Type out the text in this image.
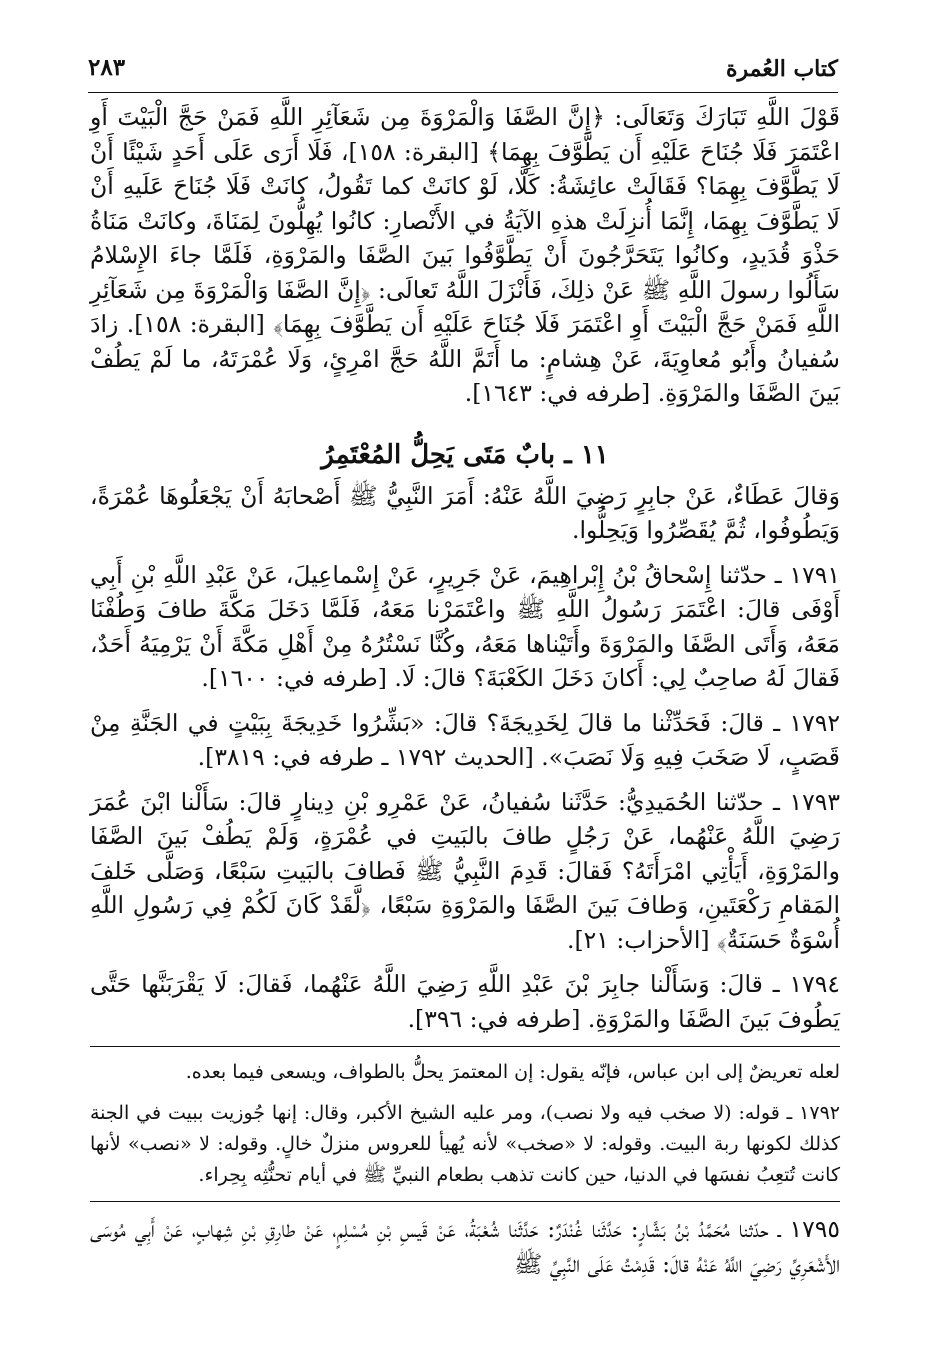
كتاب العُمرة
٢٨٣

قَوْلَ اللَّهِ تَبَارَكَ وَتَعَالَى: ﴿إِنَّ الصَّفَا وَالْمَرْوَةَ مِن شَعَآئِرِ اللَّهِ فَمَنْ حَجَّ الْبَيْتَ أَوِ اعْتَمَرَ فَلَا جُنَاحَ عَلَيْهِ أَن يَطَّوَّفَ بِهِمَا﴾ [البقرة: ١٥٨]، فَلَا أَرَى عَلَى أَحَدٍ شَيْئًا أَنْ لَا يَطَّوَّفَ بِهِمَا؟ فَقَالَتْ عائِشَةُ: كَلَّا، لَوْ كانَتْ كما تَقُولُ، كانَتْ فَلَا جُنَاحَ عَلَيهِ أَنْ لَا يَطَّوَّفَ بِهِمَا، إِنَّمَا أُنزِلَتْ هذهِ الآيَةُ في الأَنْصارِ: كانُوا يُهِلُّونَ لِمَنَاةَ، وكانَتْ مَنَاةُ حَذْوَ قُدَيدٍ، وكانُوا يَتَحَرَّجُونَ أَنْ يَطَّوَّفُوا بَينَ الصَّفَا والمَرْوَةِ، فَلَمَّا جاءَ الإِسْلامُ سَأَلُوا رسولَ اللَّهِ ﷺ عَنْ ذلِكَ، فَأَنْزَلَ اللَّهُ تَعالَى: ﴿إِنَّ الصَّفَا وَالْمَرْوَةَ مِن شَعَآئِرِ اللَّهِ فَمَنْ حَجَّ الْبَيْتَ أَوِ اعْتَمَرَ فَلَا جُنَاحَ عَلَيْهِ أَن يَطَّوَّفَ بِهِمَا﴾ [البقرة: ١٥٨]. زادَ سُفيانُ وأَبُو مُعاوِيَةَ، عَنْ هِشامٍ: ما أَتَمَّ اللَّهُ حَجَّ امْرِئٍ، وَلَا عُمْرَتَهُ، ما لَمْ يَطُفْ بَينَ الصَّفَا والمَرْوَةِ. [طرفه في: ١٦٤٣].

١١ ـ بابٌ مَتَى يَحِلُّ المُعْتَمِرُ

وَقالَ عَطَاءٌ، عَنْ جابِرٍ رَضِيَ اللَّهُ عَنْهُ: أَمَرَ النَّبِيُّ ﷺ أَصْحابَهُ أَنْ يَجْعَلُوهَا عُمْرَةً، وَيَطُوفُوا، ثُمَّ يُقَصِّرُوا وَيَحِلُّوا.

١٧٩١ ـ حدّثنا إِسْحاقُ بْنُ إِبْراهِيمَ، عَنْ جَرِيرٍ، عَنْ إِسْماعِيلَ، عَنْ عَبْدِ اللَّهِ بْنِ أَبِي أَوْفَى قالَ: اعْتَمَرَ رَسُولُ اللَّهِ ﷺ واعْتَمَرْنا مَعَهُ، فَلَمَّا دَخَلَ مَكَّةَ طافَ وَطُفْنَا مَعَهُ، وَأَتَى الصَّفَا والمَرْوَةَ وأَتَيْناها مَعَهُ، وكُنَّا نَسْتُرُهُ مِنْ أَهْلِ مَكَّةَ أَنْ يَرْمِيَهُ أَحَدٌ، فَقالَ لَهُ صاحِبٌ لِي: أَكانَ دَخَلَ الكَعْبَةَ؟ قالَ: لَا. [طرفه في: ١٦٠٠].

١٧٩٢ ـ قالَ: فَحَدِّثْنا ما قالَ لِخَدِيجَةَ؟ قالَ: «بَشِّرُوا خَدِيجَةَ بِبَيْتٍ في الجَنَّةِ مِنْ قَصَبٍ، لَا صَخَبَ فِيهِ وَلَا نَصَبَ». [الحديث ١٧٩٢ ـ طرفه في: ٣٨١٩].

١٧٩٣ ـ حدّثنا الحُمَيدِيُّ: حَدَّثَنا سُفيانُ، عَنْ عَمْرِو بْنِ دِينارٍ قالَ: سَأَلْنا ابْنَ عُمَرَ رَضِيَ اللَّهُ عَنْهُما، عَنْ رَجُلٍ طافَ بالبَيتِ في عُمْرَةٍ، وَلَمْ يَطُفْ بَينَ الصَّفَا والمَرْوَةِ، أَيَأْتِي امْرَأَتَهُ؟ فَقالَ: قَدِمَ النَّبِيُّ ﷺ فَطافَ بالبَيتِ سَبْعًا، وَصَلَّى خَلفَ المَقامِ رَكْعَتَينِ، وَطافَ بَينَ الصَّفَا والمَرْوَةِ سَبْعًا، ﴿لَّقَدْ كَانَ لَكُمْ فِي رَسُولِ اللَّهِ أُسْوَةٌ حَسَنَةٌ﴾ [الأحزاب: ٢١].

١٧٩٤ ـ قالَ: وَسَأَلْنا جابِرَ بْنَ عَبْدِ اللَّهِ رَضِيَ اللَّهُ عَنْهُما، فَقالَ: لَا يَقْرَبَنَّها حَتَّى يَطُوفَ بَينَ الصَّفَا والمَرْوَةِ. [طرفه في: ٣٩٦].

لعله تعريضٌ إلى ابن عباس، فإنّه يقول: إن المعتمرَ يحلُّ بالطواف، ويسعى فيما بعده.

١٧٩٢ ـ قوله: (لا صخب فيه ولا نصب)، ومر عليه الشيخ الأكبر، وقال: إنها جُوزيت ببيت في الجنة كذلك لكونها ربة البيت. وقوله: لا «صخب» لأنه يُهيأ للعروس منزلٌ خالٍ. وقوله: لا «نصب» لأنها كانت تُتعِبُ نفسَها في الدنيا، حين كانت تذهب بطعام النبيِّ ﷺ في أيام تحنُّثِه بِحِراء.

١٧٩٥ ـ حدّثنا مُحَمَّدُ بْنُ بَشَّارٍ: حَدَّثَنا غُنْدَرٌ: حَدَّثَنا شُعْبَةُ، عَنْ قَيسِ بْنِ مُسْلِمٍ، عَنْ طارِقِ بْنِ شِهابٍ، عَنْ أَبِي مُوسَى الأَشْعَرِيِّ رَضِيَ اللَّهُ عَنْهُ قالَ: قَدِمْتُ عَلَى النَّبِيِّ ﷺ
